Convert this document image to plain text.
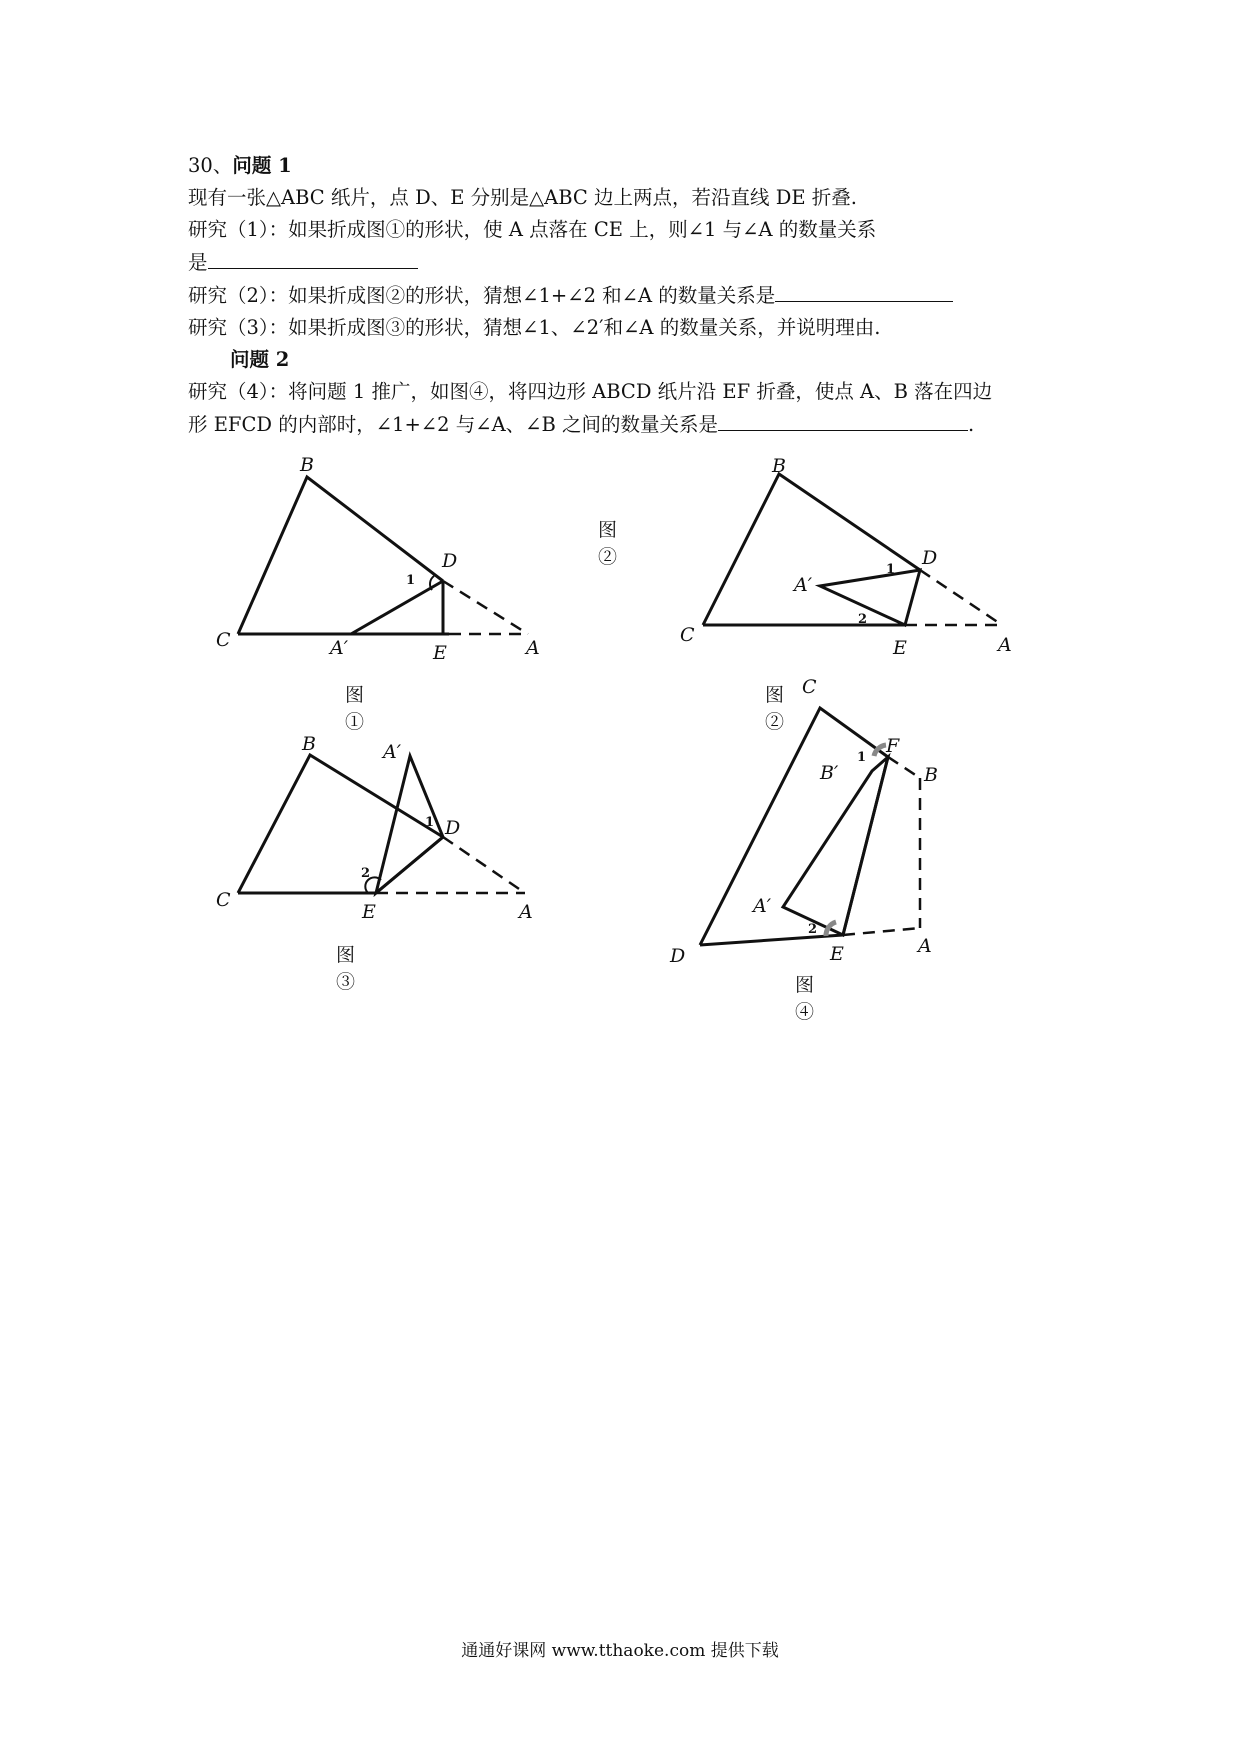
30、问题 1
现有一张△ABC 纸片，点 D、E 分别是△ABC 边上两点，若沿直线 DE 折叠.
研究（1）：如果折成图①的形状，使 A 点落在 CE 上，则∠1 与∠A 的数量关系
是
研究（2）：如果折成图②的形状，猜想∠1+∠2 和∠A 的数量关系是
研究（3）：如果折成图③的形状，猜想∠1、∠2′和∠A 的数量关系，并说明理由.
问题 2
研究（4）：将问题 1 推广，如图④，将四边形 ABCD 纸片沿 EF 折叠，使点 A、B 落在四边
形 EFCD 的内部时，∠1+∠2 与∠A、∠B 之间的数量关系是	.
B
C
D
E	A
A′
1
图①
B
C
D
E	A
A′
1
2
图②
图②
C
B
C
D
E	A
A′
1
2
图③
F
B
B′
A′
D	E	A
1
2
图④
通通好课网 www.tthaoke.com 提供下载
